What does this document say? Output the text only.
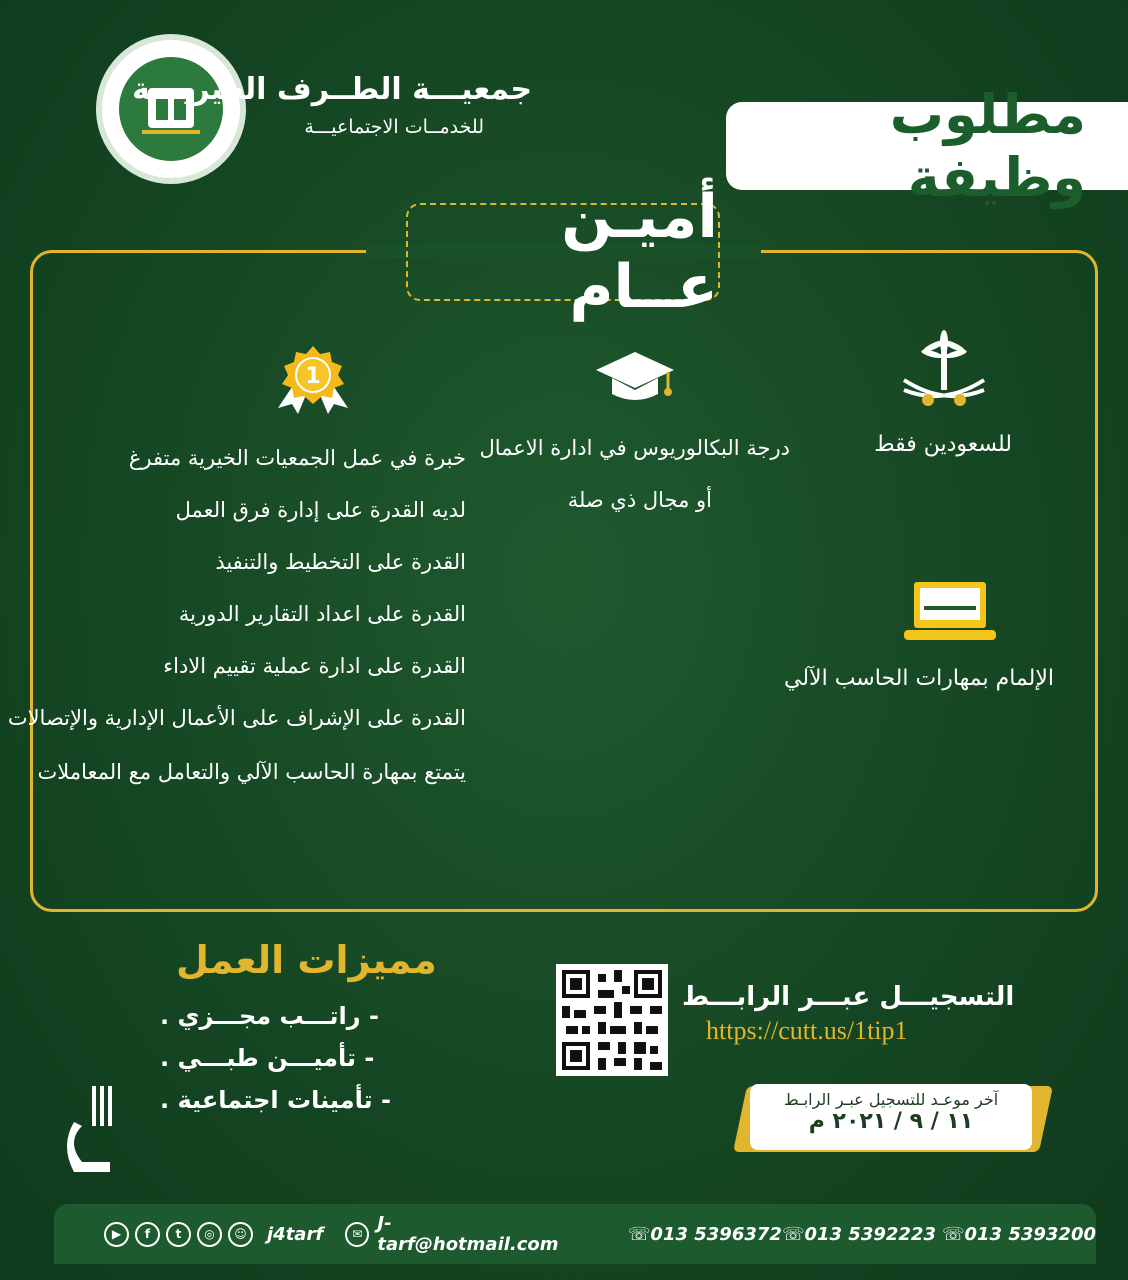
جمعيـــة الطــرف الخيريـــة
للخدمــات الاجتماعيـــة	مطلوب وظيفة
أميـن عــام
للسعودين فقط
الإلمام بمهارات الحاسب الآلي
درجة البكالوريوس في ادارة الاعمال
أو مجال ذي صلة
1
خبرة في عمل الجمعيات الخيرية متفرغ
لديه القدرة على إدارة فرق العمل
القدرة على التخطيط والتنفيذ
القدرة على اعداد التقارير الدورية
القدرة على ادارة عملية تقييم الاداء
القدرة على الإشراف على الأعمال الإدارية والإتصالات
يتمتع بمهارة الحاسب الآلي والتعامل مع المعاملات
مميزات العمل
- راتـــب مجـــزي .
- تأميـــن طبـــي .
- تأمينات اجتماعية .
التسجيـــل عبـــر الرابـــط
https://cutt.us/1tip1
آخر موعـد للتسجيل عبـر الرابـط
١١ / ٩ / ٢٠٢١ م
▶	f	t	◎	☺	j4tarf	✉ J-tarf@hotmail.com	☏ 013 5396372 ☏ 013 5392223 ☏ 013 5393200
